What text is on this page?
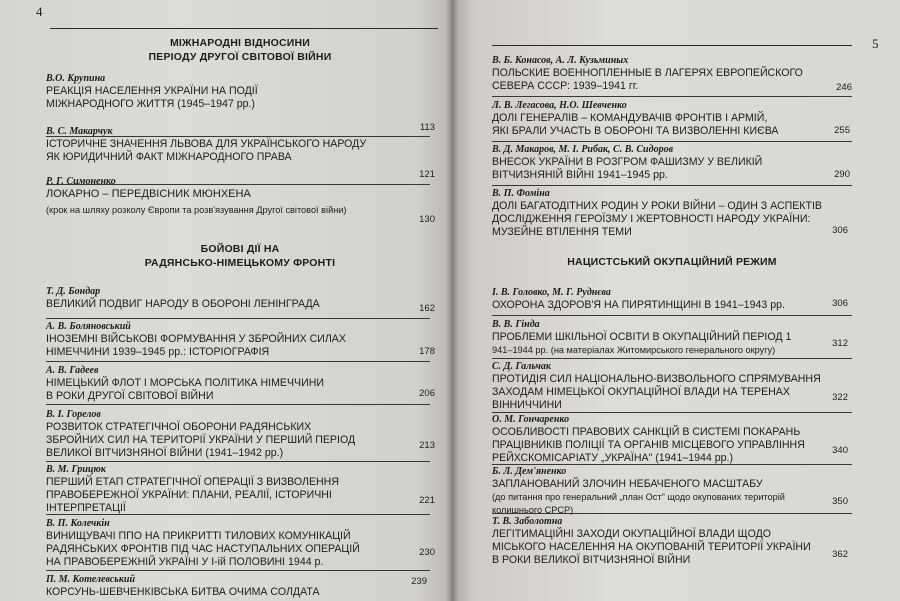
4
МІЖНАРОДНІ ВІДНОСИНИ
ПЕРІОДУ ДРУГОЇ СВІТОВОЇ ВІЙНИ
В.О. Крупина
РЕАКЦІЯ НАСЕЛЕННЯ УКРАЇНИ НА ПОДІЇ
МІЖНАРОДНОГО ЖИТТЯ (1945–1947 рр.)
113
В. С. Макарчук
ІСТОРИЧНЕ ЗНАЧЕННЯ ЛЬВОВА ДЛЯ УКРАЇНСЬКОГО НАРОДУ
ЯК ЮРИДИЧНИЙ ФАКТ МІЖНАРОДНОГО ПРАВА
121
Р. Г. Симоненко
ЛОКАРНО – ПЕРЕДВІСНИК МЮНХЕНА
(крок на шляху розколу Європи та розв'язування Другої світової війни)
130
БОЙОВІ ДІЇ НА
РАДЯНСЬКО-НІМЕЦЬКОМУ ФРОНТІ
Т. Д. Бондар
ВЕЛИКИЙ ПОДВИГ НАРОДУ В ОБОРОНІ ЛЕНІНГРАДА	162
А. В. Боляновський
ІНОЗЕМНІ ВІЙСЬКОВІ ФОРМУВАННЯ У ЗБРОЙНИХ СИЛАХ
НІМЕЧЧИНИ 1939–1945 рр.: ІСТОРІОГРАФІЯ	178
А. В. Гадеев
НІМЕЦЬКИЙ ФЛОТ І МОРСЬКА ПОЛІТИКА НІМЕЧЧИНИ
В РОКИ ДРУГОЇ СВІТОВОЇ ВІЙНИ	206
В. І. Горелов
РОЗВИТОК СТРАТЕГІЧНОЇ ОБОРОНИ РАДЯНСЬКИХ
ЗБРОЙНИХ СИЛ НА ТЕРИТОРІЇ УКРАЇНИ У ПЕРШИЙ ПЕРІОД
ВЕЛИКОЇ ВІТЧИЗНЯНОЇ ВІЙНИ (1941–1942 рр.)
213
В. М. Грицюк
ПЕРШИЙ ЕТАП СТРАТЕГІЧНОЇ ОПЕРАЦІЇ З ВИЗВОЛЕННЯ
ПРАВОБЕРЕЖНОЇ УКРАЇНИ: ПЛАНИ, РЕАЛІЇ, ІСТОРИЧНІ
ІНТЕРПРЕТАЦІЇ
221
В. П. Колечкін
ВИНИЩУВАЧІ ППО НА ПРИКРИТТІ ТИЛОВИХ КОМУНІКАЦІЙ
РАДЯНСЬКИХ ФРОНТІВ ПІД ЧАС НАСТУПАЛЬНИХ ОПЕРАЦІЙ
НА ПРАВОБЕРЕЖНІЙ УКРАЇНІ У І-ій ПОЛОВИНІ 1944 р.
230
П. М. Котелевський
КОРСУНЬ-ШЕВЧЕНКІВСЬКА БИТВА ОЧИМА СОЛДАТА
239
5
В. Б. Конасов, А. Л. Кузьминых
ПОЛЬСКИЕ ВОЕННОПЛЕННЫЕ В ЛАГЕРЯХ ЕВРОПЕЙСКОГО
СЕВЕРА СССР: 1939–1941 гг.	246
Л. В. Легасова, Н.О. Шевченко
ДОЛІ ГЕНЕРАЛІВ – КОМАНДУВАЧІВ ФРОНТІВ І АРМІЙ,
ЯКІ БРАЛИ УЧАСТЬ В ОБОРОНІ ТА ВИЗВОЛЕННІ КИЄВА	255
В. Д. Макаров, М. І. Рибак, С. В. Сидоров
ВНЕСОК УКРАЇНИ В РОЗГРОМ ФАШИЗМУ У ВЕЛИКІЙ
ВІТЧИЗНЯНІЙ ВІЙНІ 1941–1945 рр.	290
В. П. Фоміна
ДОЛІ БАГАТОДІТНИХ РОДИН У РОКИ ВІЙНИ – ОДИН З АСПЕКТІВ
ДОСЛІДЖЕННЯ ГЕРОЇЗМУ І ЖЕРТОВНОСТІ НАРОДУ УКРАЇНИ:
МУЗЕЙНЕ ВТІЛЕННЯ ТЕМИ	306
НАЦИСТСЬКИЙ ОКУПАЦІЙНИЙ РЕЖИМ
І. В. Головко, М. Г. Руднєва
ОХОРОНА ЗДОРОВ'Я НА ПИРЯТИНЩИНІ В 1941–1943 рр.	306
В. В. Гінда
ПРОБЛЕМИ ШКІЛЬНОЇ ОСВІТИ В ОКУПАЦІЙНИЙ ПЕРІОД 1
941–1944 рр. (на матеріалах Житомирського генерального округу)
312
С. Д. Гальчак
ПРОТИДІЯ СИЛ НАЦІОНАЛЬНО-ВИЗВОЛЬНОГО СПРЯМУВАННЯ
ЗАХОДАМ НІМЕЦЬКОЇ ОКУПАЦІЙНОЇ ВЛАДИ НА ТЕРЕНАХ
ВІННИЧЧИНИ
322
О. М. Гончаренко
ОСОБЛИВОСТІ ПРАВОВИХ САНКЦІЙ В СИСТЕМІ ПОКАРАНЬ
ПРАЦІВНИКІВ ПОЛІЦІЇ ТА ОРГАНІВ МІСЦЕВОГО УПРАВЛІННЯ
РЕЙХСКОМІСАРІАТУ „УКРАЇНА" (1941–1944 рр.)
340
Б. Л. Дем'яненко
ЗАПЛАНОВАНИЙ ЗЛОЧИН НЕБАЧЕНОГО МАСШТАБУ
(до питання про генеральний „план Ост" щодо окупованих територій
колишнього СРСР)
350
Т. В. Заболотна
ЛЕГІТИМАЦІЙНІ ЗАХОДИ ОКУПАЦІЙНОЇ ВЛАДИ ЩОДО
МІСЬКОГО НАСЕЛЕННЯ НА ОКУПОВАНІЙ ТЕРИТОРІЇ УКРАЇНИ
В РОКИ ВЕЛИКОЇ ВІТЧИЗНЯНОЇ ВІЙНИ	362
